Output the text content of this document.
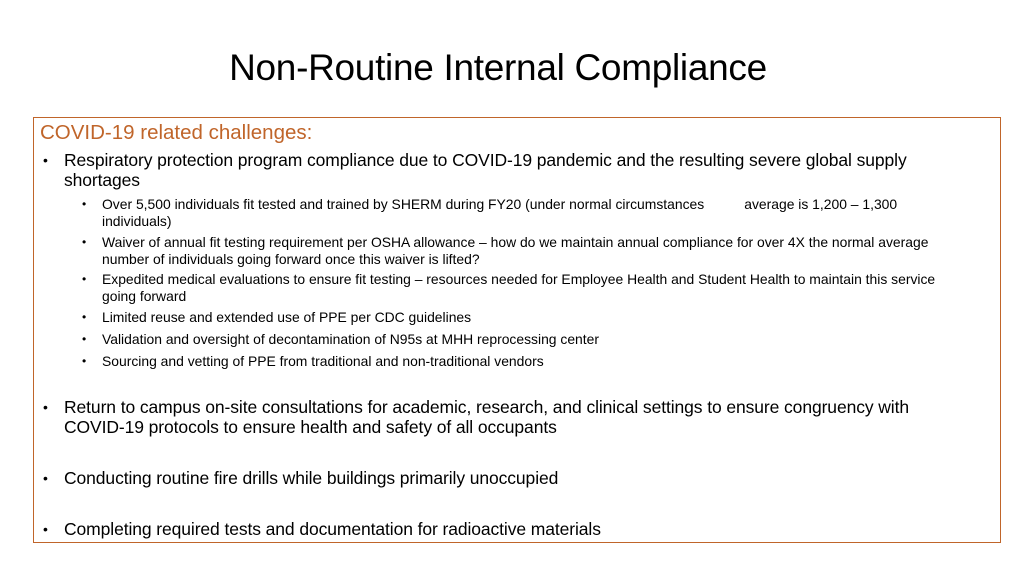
Non-Routine Internal Compliance
COVID-19 related challenges:
• Respiratory protection program compliance due to COVID-19 pandemic and the resulting severe global supply shortages
• Over 5,500 individuals fit tested and trained by SHERM during FY20 (under normal circumstances	average is 1,200 – 1,300 individuals)
• Waiver of annual fit testing requirement per OSHA allowance – how do we maintain annual compliance for over 4X the normal average number of individuals going forward once this waiver is lifted?
• Expedited medical evaluations to ensure fit testing – resources needed for Employee Health and Student Health to maintain this service going forward
• Limited reuse and extended use of PPE per CDC guidelines
• Validation and oversight of decontamination of N95s at MHH reprocessing center
• Sourcing and vetting of PPE from traditional and non-traditional vendors
• Return to campus on-site consultations for academic, research, and clinical settings to ensure congruency with COVID-19 protocols to ensure health and safety of all occupants
• Conducting routine fire drills while buildings primarily unoccupied
• Completing required tests and documentation for radioactive materials
